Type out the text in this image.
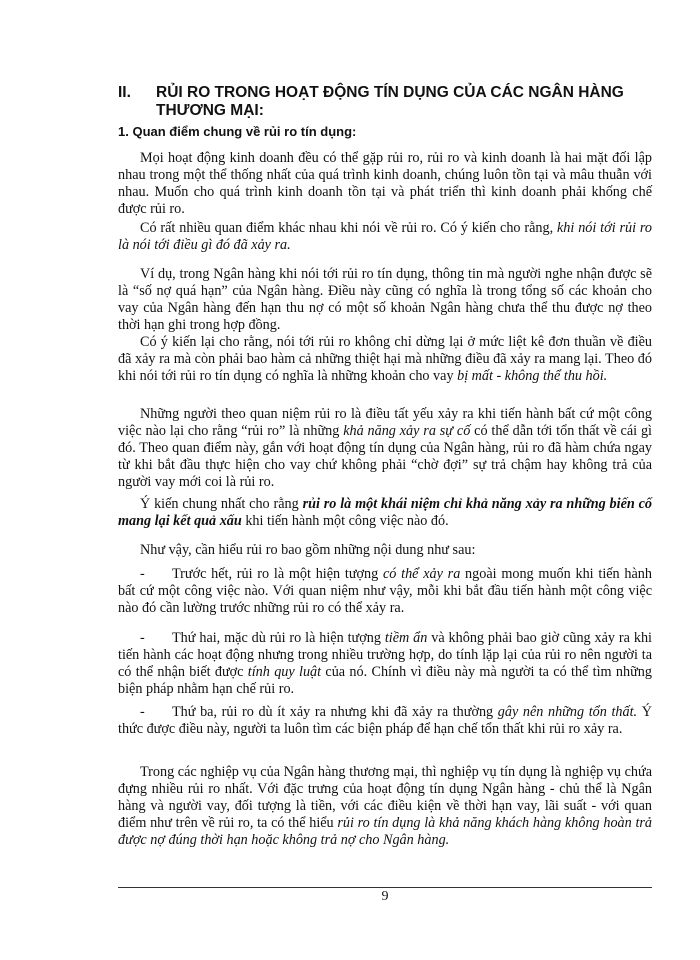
II. RỦI RO TRONG HOẠT ĐỘNG TÍN DỤNG CỦA CÁC NGÂN HÀNG THƯƠNG MẠI:
1. Quan điểm chung về rủi ro tín dụng:

Mọi hoạt động kinh doanh đều có thể gặp rủi ro, rủi ro và kinh doanh là hai mặt đối lập nhau trong một thể thống nhất của quá trình kinh doanh, chúng luôn tồn tại và mâu thuẫn với nhau. Muốn cho quá trình kinh doanh tồn tại và phát triển thì kinh doanh phải khống chế được rủi ro.

Có rất nhiều quan điểm khác nhau khi nói về rủi ro. Có ý kiến cho rằng, khi nói tới rủi ro là nói tới điều gì đó đã xảy ra.

Ví dụ, trong Ngân hàng khi nói tới rủi ro tín dụng, thông tin mà người nghe nhận được sẽ là “số nợ quá hạn” của Ngân hàng. Điều này cũng có nghĩa là trong tổng số các khoản cho vay của Ngân hàng đến hạn thu nợ có một số khoản Ngân hàng chưa thể thu được nợ theo thời hạn ghi trong hợp đồng.

Có ý kiến lại cho rằng, nói tới rủi ro không chỉ dừng lại ở mức liệt kê đơn thuần về điều đã xảy ra mà còn phải bao hàm cả những thiệt hại mà những điều đã xảy ra mang lại. Theo đó khi nói tới rủi ro tín dụng có nghĩa là những khoản cho vay bị mất - không thể thu hồi.

Những người theo quan niệm rủi ro là điều tất yếu xảy ra khi tiến hành bất cứ một công việc nào lại cho rằng “rủi ro” là những khả năng xảy ra sự cố có thể dẫn tới tổn thất về cái gì đó. Theo quan điểm này, gắn với hoạt động tín dụng của Ngân hàng, rủi ro đã hàm chứa ngay từ khi bắt đầu thực hiện cho vay chứ không phải “chờ đợi” sự trả chậm hay không trả của người vay mới coi là rủi ro.

Ý kiến chung nhất cho rằng rủi ro là một khái niệm chỉ khả năng xảy ra những biến cố mang lại kết quả xấu khi tiến hành một công việc nào đó.

Như vậy, cần hiểu rủi ro bao gồm những nội dung như sau:

-	Trước hết, rủi ro là một hiện tượng có thể xảy ra ngoài mong muốn khi tiến hành bất cứ một công việc nào. Với quan niệm như vậy, mỗi khi bắt đầu tiến hành một công việc nào đó cần lường trước những rủi ro có thể xảy ra.

-	Thứ hai, mặc dù rủi ro là hiện tượng tiềm ẩn và không phải bao giờ cũng xảy ra khi tiến hành các hoạt động nhưng trong nhiều trường hợp, do tính lặp lại của rủi ro nên người ta có thể nhận biết được tính quy luật của nó. Chính vì điều này mà người ta có thể tìm những biện pháp nhằm hạn chế rủi ro.

-	Thứ ba, rủi ro dù ít xảy ra nhưng khi đã xảy ra thường gây nên những tổn thất. Ý thức được điều này, người ta luôn tìm các biện pháp để hạn chế tổn thất khi rủi ro xảy ra.

Trong các nghiệp vụ của Ngân hàng thương mại, thì nghiệp vụ tín dụng là nghiệp vụ chứa đựng nhiều rủi ro nhất. Với đặc trưng của hoạt động tín dụng Ngân hàng - chủ thể là Ngân hàng và người vay, đối tượng là tiền, với các điều kiện về thời hạn vay, lãi suất - với quan điểm như trên về rủi ro, ta có thể hiểu rủi ro tín dụng là khả năng khách hàng không hoàn trả được nợ đúng thời hạn hoặc không trả nợ cho Ngân hàng.

9
